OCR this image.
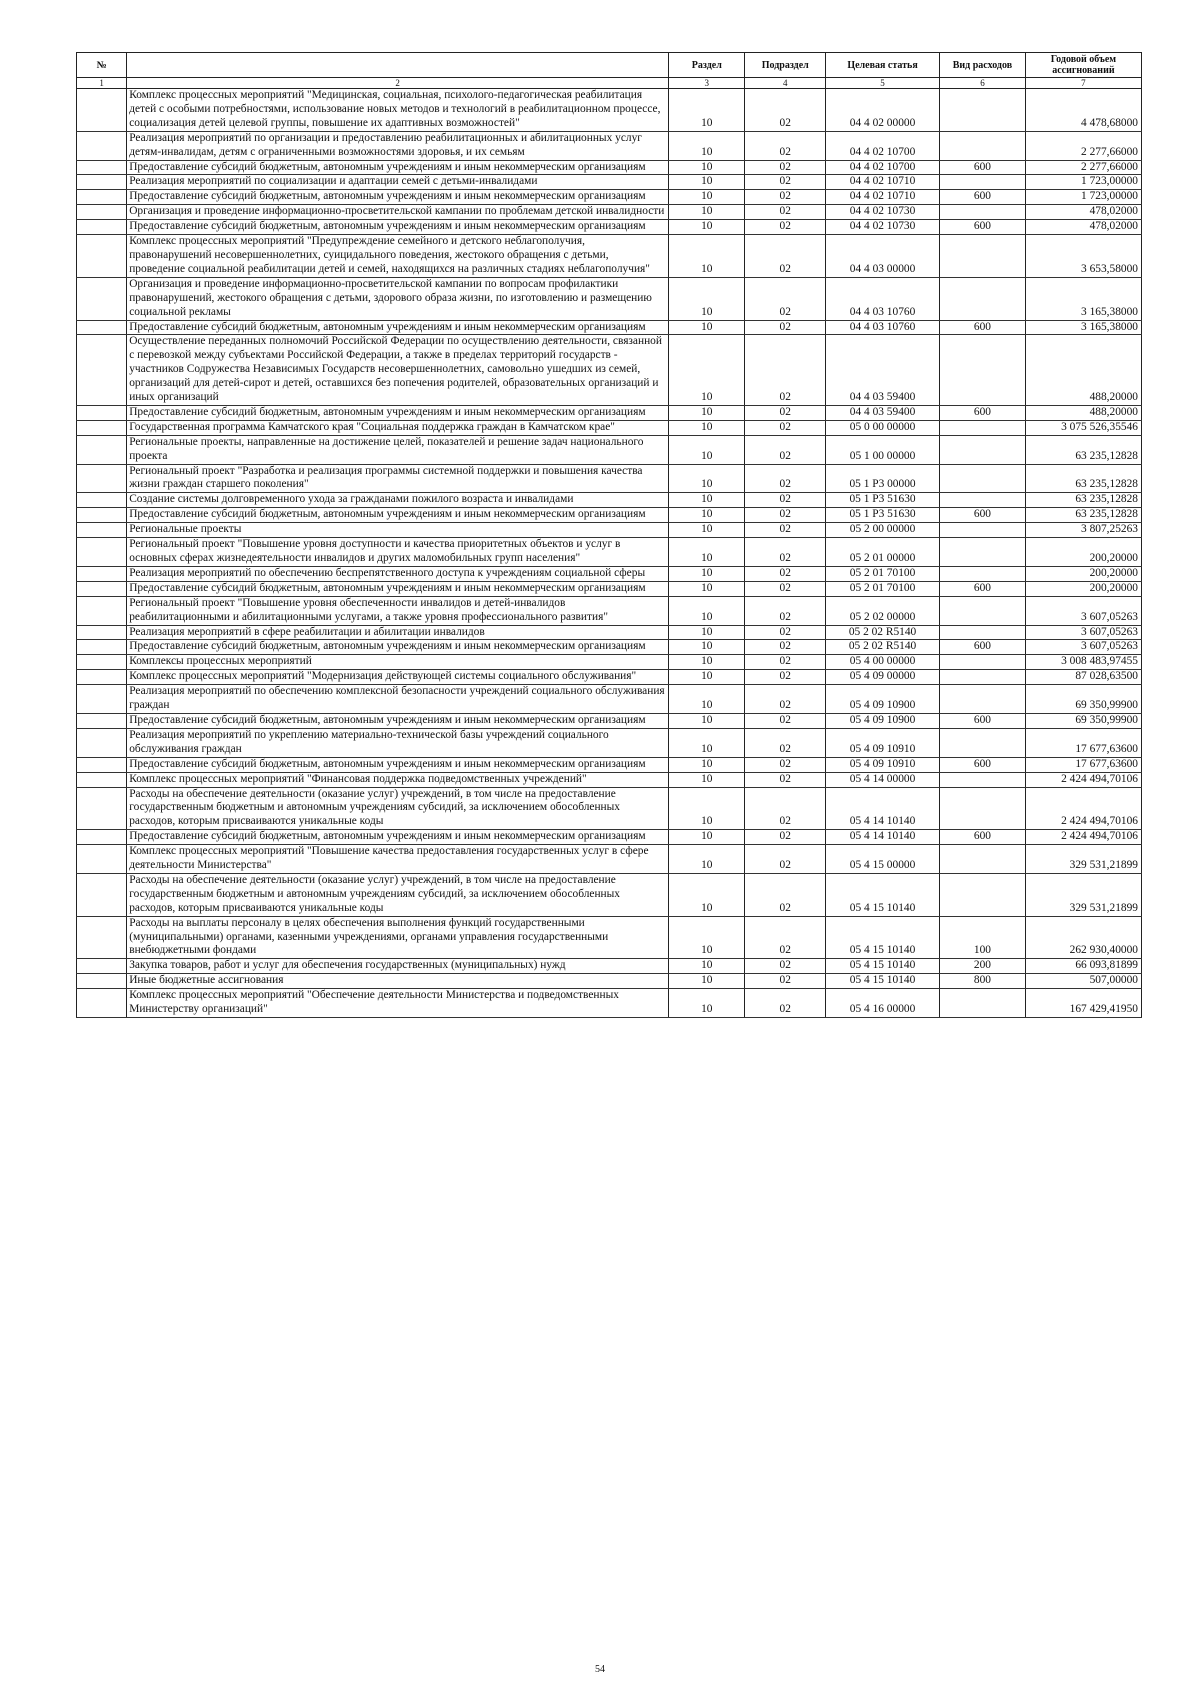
№		Раздел	Подраздел	Целевая статья	Вид расходов	Годовой объем ассигнований
1	2	3	4	5	6	7
	Комплекс процессных мероприятий "Медицинская, социальная, психолого-педагогическая реабилитация детей с особыми потребностями, использование новых методов и технологий в реабилитационном процессе, социализация детей целевой группы, повышение их адаптивных возможностей"	10	02	04 4 02 00000		4 478,68000
	Реализация мероприятий по организации и предоставлению реабилитационных и абилитационных услуг детям-инвалидам, детям с ограниченными возможностями здоровья, и их семьям	10	02	04 4 02 10700		2 277,66000
	Предоставление субсидий бюджетным, автономным учреждениям и иным некоммерческим организациям	10	02	04 4 02 10700	600	2 277,66000
	Реализация мероприятий по социализации и адаптации семей с детьми-инвалидами	10	02	04 4 02 10710		1 723,00000
	Предоставление субсидий бюджетным, автономным учреждениям и иным некоммерческим организациям	10	02	04 4 02 10710	600	1 723,00000
	Организация и проведение информационно-просветительской кампании по проблемам детской инвалидности	10	02	04 4 02 10730		478,02000
	Предоставление субсидий бюджетным, автономным учреждениям и иным некоммерческим организациям	10	02	04 4 02 10730	600	478,02000
	Комплекс процессных мероприятий "Предупреждение семейного и детского неблагополучия, правонарушений несовершеннолетних, суицидального поведения, жестокого обращения с детьми, проведение социальной реабилитации детей и семей, находящихся на различных стадиях неблагополучия"	10	02	04 4 03 00000		3 653,58000
	Организация и проведение информационно-просветительской кампании по вопросам профилактики правонарушений, жестокого обращения с детьми, здорового образа жизни, по изготовлению и размещению социальной рекламы	10	02	04 4 03 10760		3 165,38000
	Предоставление субсидий бюджетным, автономным учреждениям и иным некоммерческим организациям	10	02	04 4 03 10760	600	3 165,38000
	Осуществление переданных полномочий Российской Федерации по осуществлению деятельности, связанной с перевозкой между субъектами Российской Федерации, а также в пределах территорий государств - участников Содружества Независимых Государств несовершеннолетних, самовольно ушедших из семей, организаций для детей-сирот и детей, оставшихся без попечения родителей, образовательных организаций и иных организаций	10	02	04 4 03 59400		488,20000
	Предоставление субсидий бюджетным, автономным учреждениям и иным некоммерческим организациям	10	02	04 4 03 59400	600	488,20000
	Государственная программа Камчатского края "Социальная поддержка граждан в Камчатском крае"	10	02	05 0 00 00000		3 075 526,35546
	Региональные проекты, направленные на достижение целей, показателей и решение задач национального проекта	10	02	05 1 00 00000		63 235,12828
	Региональный проект "Разработка и реализация программы системной поддержки и повышения качества жизни граждан старшего поколения"	10	02	05 1 P3 00000		63 235,12828
	Создание системы долговременного ухода за гражданами пожилого возраста и инвалидами	10	02	05 1 P3 51630		63 235,12828
	Предоставление субсидий бюджетным, автономным учреждениям и иным некоммерческим организациям	10	02	05 1 P3 51630	600	63 235,12828
	Региональные проекты	10	02	05 2 00 00000		3 807,25263
	Региональный проект "Повышение уровня доступности и качества приоритетных объектов и услуг в основных сферах жизнедеятельности инвалидов и других маломобильных групп населения"	10	02	05 2 01 00000		200,20000
	Реализация мероприятий по обеспечению беспрепятственного доступа к учреждениям социальной сферы	10	02	05 2 01 70100		200,20000
	Предоставление субсидий бюджетным, автономным учреждениям и иным некоммерческим организациям	10	02	05 2 01 70100	600	200,20000
	Региональный проект "Повышение уровня обеспеченности инвалидов и детей-инвалидов реабилитационными и абилитационными услугами, а также уровня профессионального развития"	10	02	05 2 02 00000		3 607,05263
	Реализация мероприятий в сфере реабилитации и абилитации инвалидов	10	02	05 2 02 R5140		3 607,05263
	Предоставление субсидий бюджетным, автономным учреждениям и иным некоммерческим организациям	10	02	05 2 02 R5140	600	3 607,05263
	Комплексы процессных мероприятий	10	02	05 4 00 00000		3 008 483,97455
	Комплекс процессных мероприятий "Модернизация действующей системы социального обслуживания"	10	02	05 4 09 00000		87 028,63500
	Реализация мероприятий по обеспечению комплексной безопасности учреждений социального обслуживания граждан	10	02	05 4 09 10900		69 350,99900
	Предоставление субсидий бюджетным, автономным учреждениям и иным некоммерческим организациям	10	02	05 4 09 10900	600	69 350,99900
	Реализация мероприятий по укреплению материально-технической базы учреждений социального обслуживания граждан	10	02	05 4 09 10910		17 677,63600
	Предоставление субсидий бюджетным, автономным учреждениям и иным некоммерческим организациям	10	02	05 4 09 10910	600	17 677,63600
	Комплекс процессных мероприятий "Финансовая поддержка подведомственных учреждений"	10	02	05 4 14 00000		2 424 494,70106
	Расходы на обеспечение деятельности (оказание услуг) учреждений, в том числе на предоставление государственным бюджетным и автономным учреждениям субсидий, за исключением обособленных расходов, которым присваиваются уникальные коды	10	02	05 4 14 10140		2 424 494,70106
	Предоставление субсидий бюджетным, автономным учреждениям и иным некоммерческим организациям	10	02	05 4 14 10140	600	2 424 494,70106
	Комплекс процессных мероприятий "Повышение качества предоставления государственных услуг в сфере деятельности Министерства"	10	02	05 4 15 00000		329 531,21899
	Расходы на обеспечение деятельности (оказание услуг) учреждений, в том числе на предоставление государственным бюджетным и автономным учреждениям субсидий, за исключением обособленных расходов, которым присваиваются уникальные коды	10	02	05 4 15 10140		329 531,21899
	Расходы на выплаты персоналу в целях обеспечения выполнения функций государственными (муниципальными) органами, казенными учреждениями, органами управления государственными внебюджетными фондами	10	02	05 4 15 10140	100	262 930,40000
	Закупка товаров, работ и услуг для обеспечения государственных (муниципальных) нужд	10	02	05 4 15 10140	200	66 093,81899
	Иные бюджетные ассигнования	10	02	05 4 15 10140	800	507,00000
	Комплекс процессных мероприятий "Обеспечение деятельности Министерства и подведомственных Министерству организаций"	10	02	05 4 16 00000		167 429,41950
54
